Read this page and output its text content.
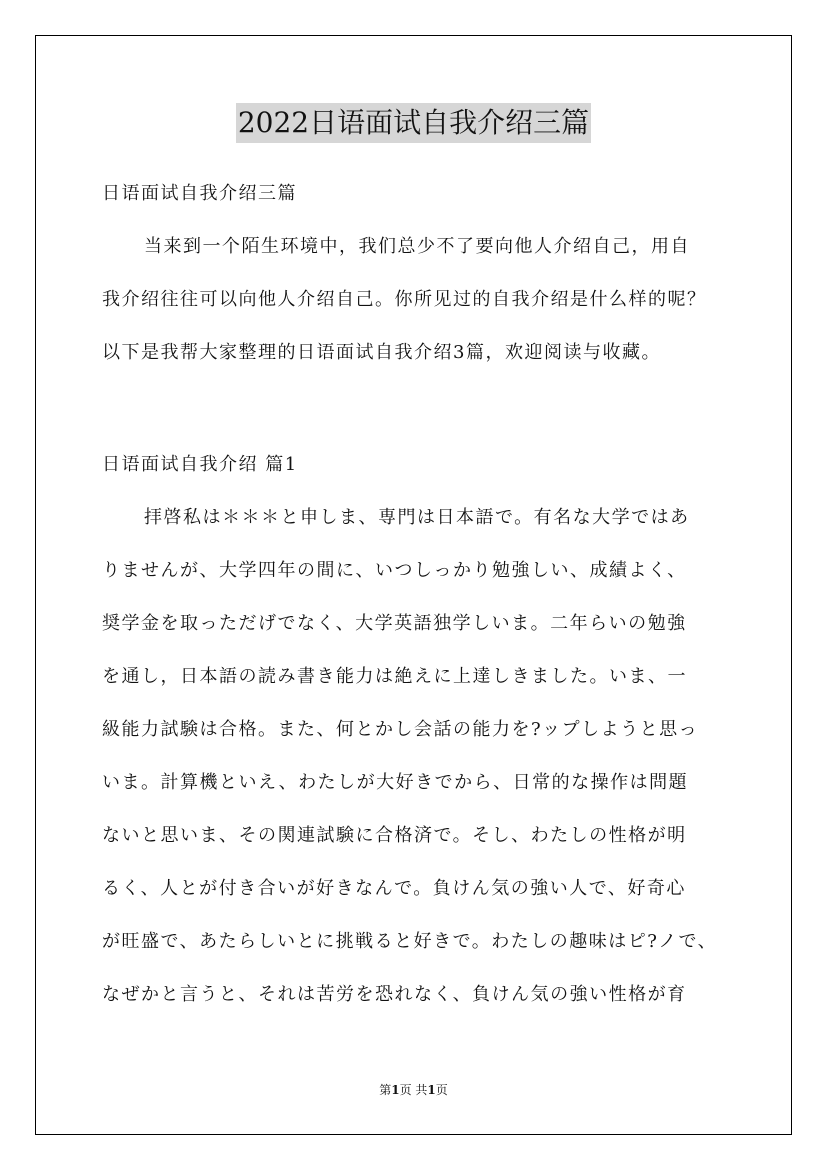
2022日语面试自我介绍三篇
日语面试自我介绍三篇
当来到一个陌生环境中，我们总少不了要向他人介绍自己，用自
我介绍往往可以向他人介绍自己。你所见过的自我介绍是什么样的呢？
以下是我帮大家整理的日语面试自我介绍3篇，欢迎阅读与收藏。
日语面试自我介绍 篇1
拝啓私は＊＊＊と申しま、専門は日本語で。有名な大学ではあ
りませんが、大学四年の間に、いつしっかり勉強しい、成績よく、
奨学金を取っただげでなく、大学英語独学しいま。二年らいの勉強
を通し，日本語の読み書き能力は絶えに上達しきました。いま、一
級能力試験は合格。また、何とかし会話の能力を?ップしようと思っ
いま。計算機といえ、わたしが大好きでから、日常的な操作は問題
ないと思いま、その関連試験に合格済で。そし、わたしの性格が明
るく、人とが付き合いが好きなんで。負けん気の強い人で、好奇心
が旺盛で、あたらしいとに挑戦ると好きで。わたしの趣味はピ?ノで、
なぜかと言うと、それは苦労を恐れなく、負けん気の強い性格が育
第1页 共1页
